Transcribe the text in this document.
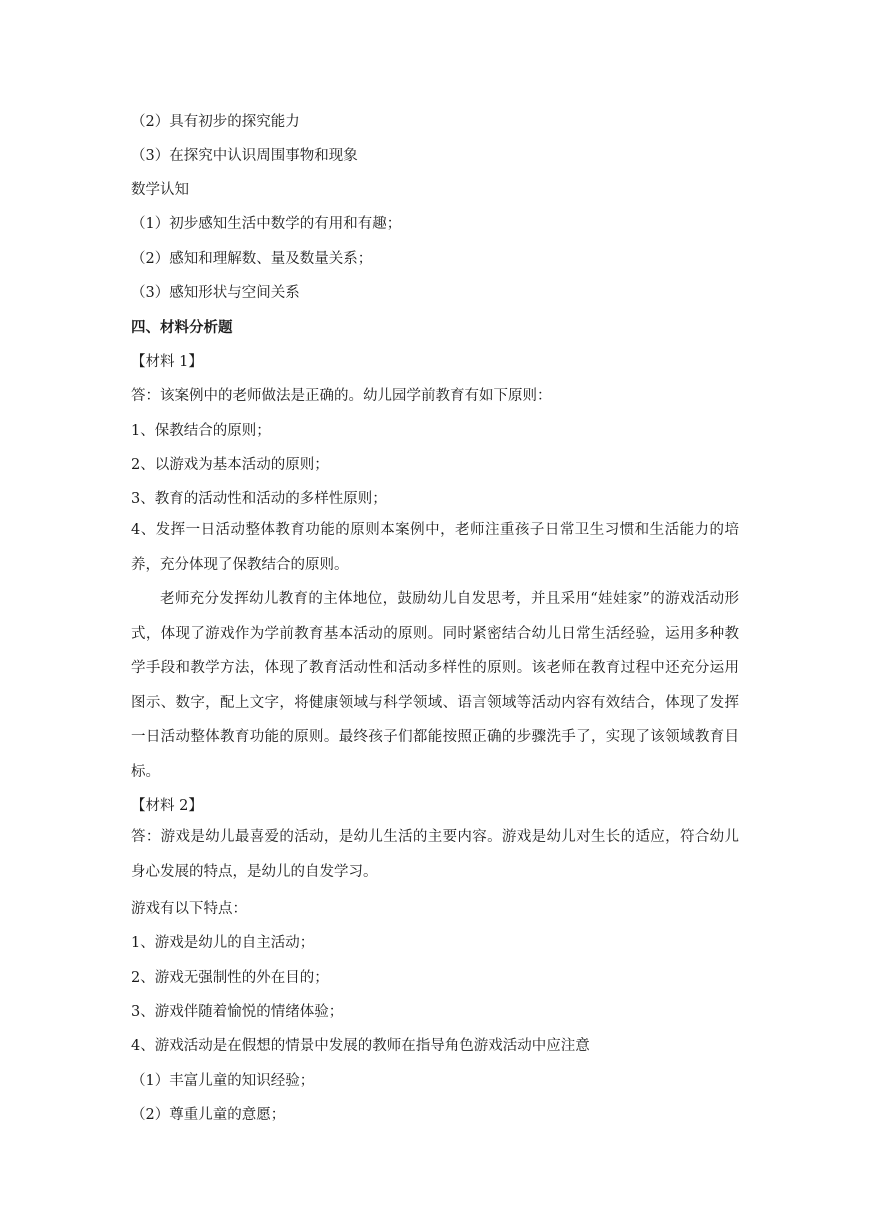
（2）具有初步的探究能力
（3）在探究中认识周围事物和现象
数学认知
（1）初步感知生活中数学的有用和有趣；
（2）感知和理解数、量及数量关系；
（3）感知形状与空间关系
四、材料分析题
【材料 1】
答：该案例中的老师做法是正确的。幼儿园学前教育有如下原则：
1、保教结合的原则；
2、以游戏为基本活动的原则；
3、教育的活动性和活动的多样性原则；
4、发挥一日活动整体教育功能的原则本案例中，老师注重孩子日常卫生习惯和生活能力的培养，充分体现了保教结合的原则。
老师充分发挥幼儿教育的主体地位，鼓励幼儿自发思考，并且采用“娃娃家”的游戏活动形式，体现了游戏作为学前教育基本活动的原则。同时紧密结合幼儿日常生活经验，运用多种教学手段和教学方法，体现了教育活动性和活动多样性的原则。该老师在教育过程中还充分运用图示、数字，配上文字，将健康领域与科学领域、语言领域等活动内容有效结合，体现了发挥一日活动整体教育功能的原则。最终孩子们都能按照正确的步骤洗手了，实现了该领域教育目标。
【材料 2】
答：游戏是幼儿最喜爱的活动，是幼儿生活的主要内容。游戏是幼儿对生长的适应，符合幼儿身心发展的特点，是幼儿的自发学习。
游戏有以下特点：
1、游戏是幼儿的自主活动；
2、游戏无强制性的外在目的；
3、游戏伴随着愉悦的情绪体验；
4、游戏活动是在假想的情景中发展的教师在指导角色游戏活动中应注意
（1）丰富儿童的知识经验；
（2）尊重儿童的意愿；
